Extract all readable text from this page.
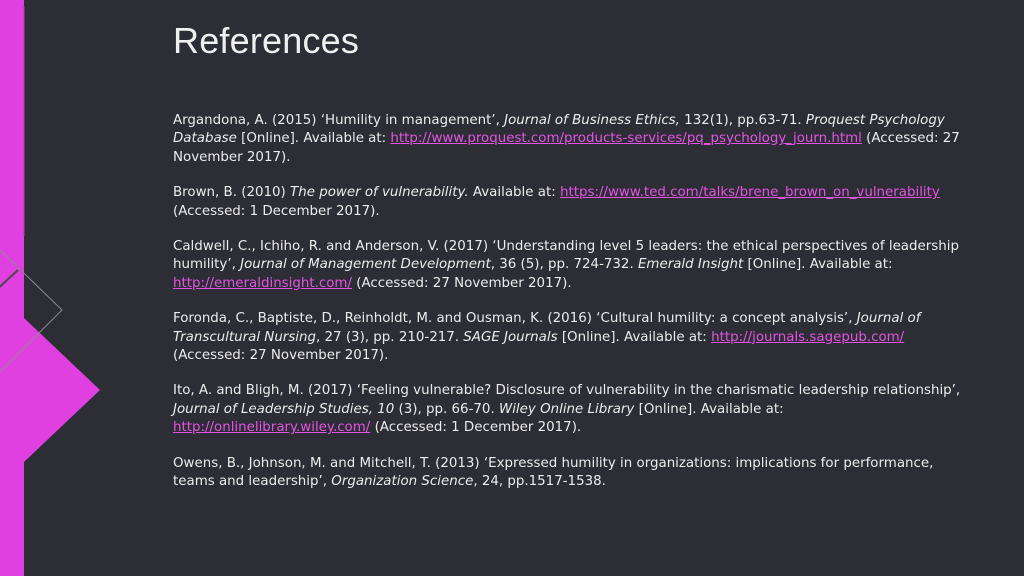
References

Argandona, A. (2015) ‘Humility in management’, Journal of Business Ethics, 132(1), pp.63-71. Proquest Psychology Database [Online]. Available at: http://www.proquest.com/products-services/pq_psychology_journ.html (Accessed: 27 November 2017).

Brown, B. (2010) The power of vulnerability. Available at: https://www.ted.com/talks/brene_brown_on_vulnerability (Accessed: 1 December 2017).

Caldwell, C., Ichiho, R. and Anderson, V. (2017) ‘Understanding level 5 leaders: the ethical perspectives of leadership humility’, Journal of Management Development, 36 (5), pp. 724-732. Emerald Insight [Online]. Available at: http://emeraldinsight.com/ (Accessed: 27 November 2017).

Foronda, C., Baptiste, D., Reinholdt, M. and Ousman, K. (2016) ‘Cultural humility: a concept analysis’, Journal of Transcultural Nursing, 27 (3), pp. 210-217. SAGE Journals [Online]. Available at: http://journals.sagepub.com/ (Accessed: 27 November 2017).

Ito, A. and Bligh, M. (2017) ‘Feeling vulnerable? Disclosure of vulnerability in the charismatic leadership relationship’, Journal of Leadership Studies, 10 (3), pp. 66-70. Wiley Online Library [Online]. Available at: http://onlinelibrary.wiley.com/ (Accessed: 1 December 2017).

Owens, B., Johnson, M. and Mitchell, T. (2013) ‘Expressed humility in organizations: implications for performance, teams and leadership’, Organization Science, 24, pp.1517-1538.
